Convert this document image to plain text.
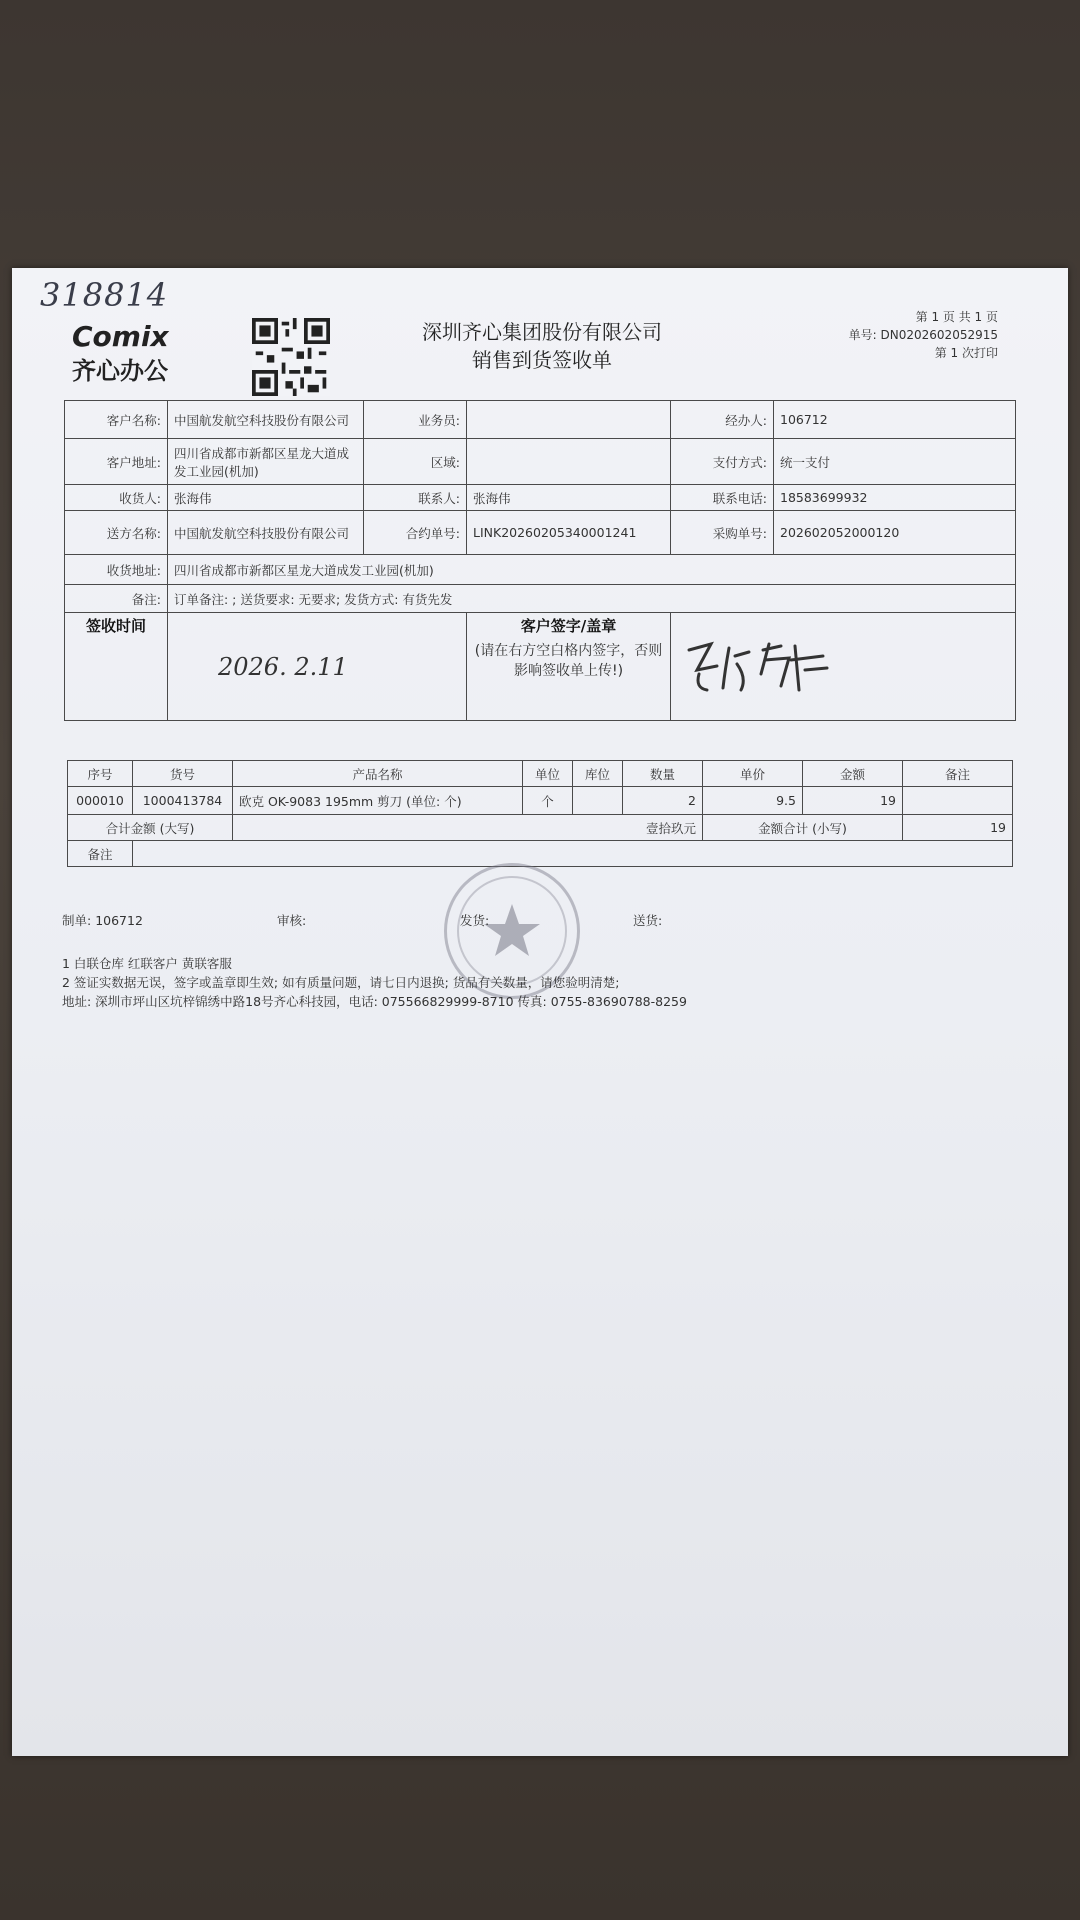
318814
Comix
齐心办公
深圳齐心集团股份有限公司
销售到货签收单
第 1 页 共 1 页
单号: DN0202602052915
第 1 次打印
客户名称:	中国航发航空科技股份有限公司	业务员:		经办人:	106712
客户地址:	四川省成都市新都区星龙大道成发工业园(机加)	区域:		支付方式:	统一支付
收货人:	张海伟	联系人:	张海伟	联系电话:	18583699932
送方名称:	中国航发航空科技股份有限公司	合约单号:	LINK20260205340001241	采购单号:	202602052000120
收货地址:	四川省成都市新都区星龙大道成发工业园(机加)				
备注:	订单备注: ; 送货要求: 无要求; 发货方式: 有货先发				
签收时间	2026. 2.11		客户签字/盖章
(请在右方空白格内签字，否则影响签收单上传!)

序号	货号	产品名称	单位	库位	数量	单价	金额	备注
000010	1000413784	欧克 OK-9083 195mm 剪刀 (单位: 个)	个		2	9.5	19	
合计金额 (大写)		壹拾玖元				金额合计 (小写)		19
备注								
制单: 106712	审核:	发货:	送货:
1 白联仓库 红联客户 黄联客服
2 签证实数据无误，签字或盖章即生效; 如有质量问题，请七日内退换; 货品有关数量，请您验明清楚;
地址: 深圳市坪山区坑梓锦绣中路18号齐心科技园，电话: 075566829999-8710 传真: 0755-83690788-8259
